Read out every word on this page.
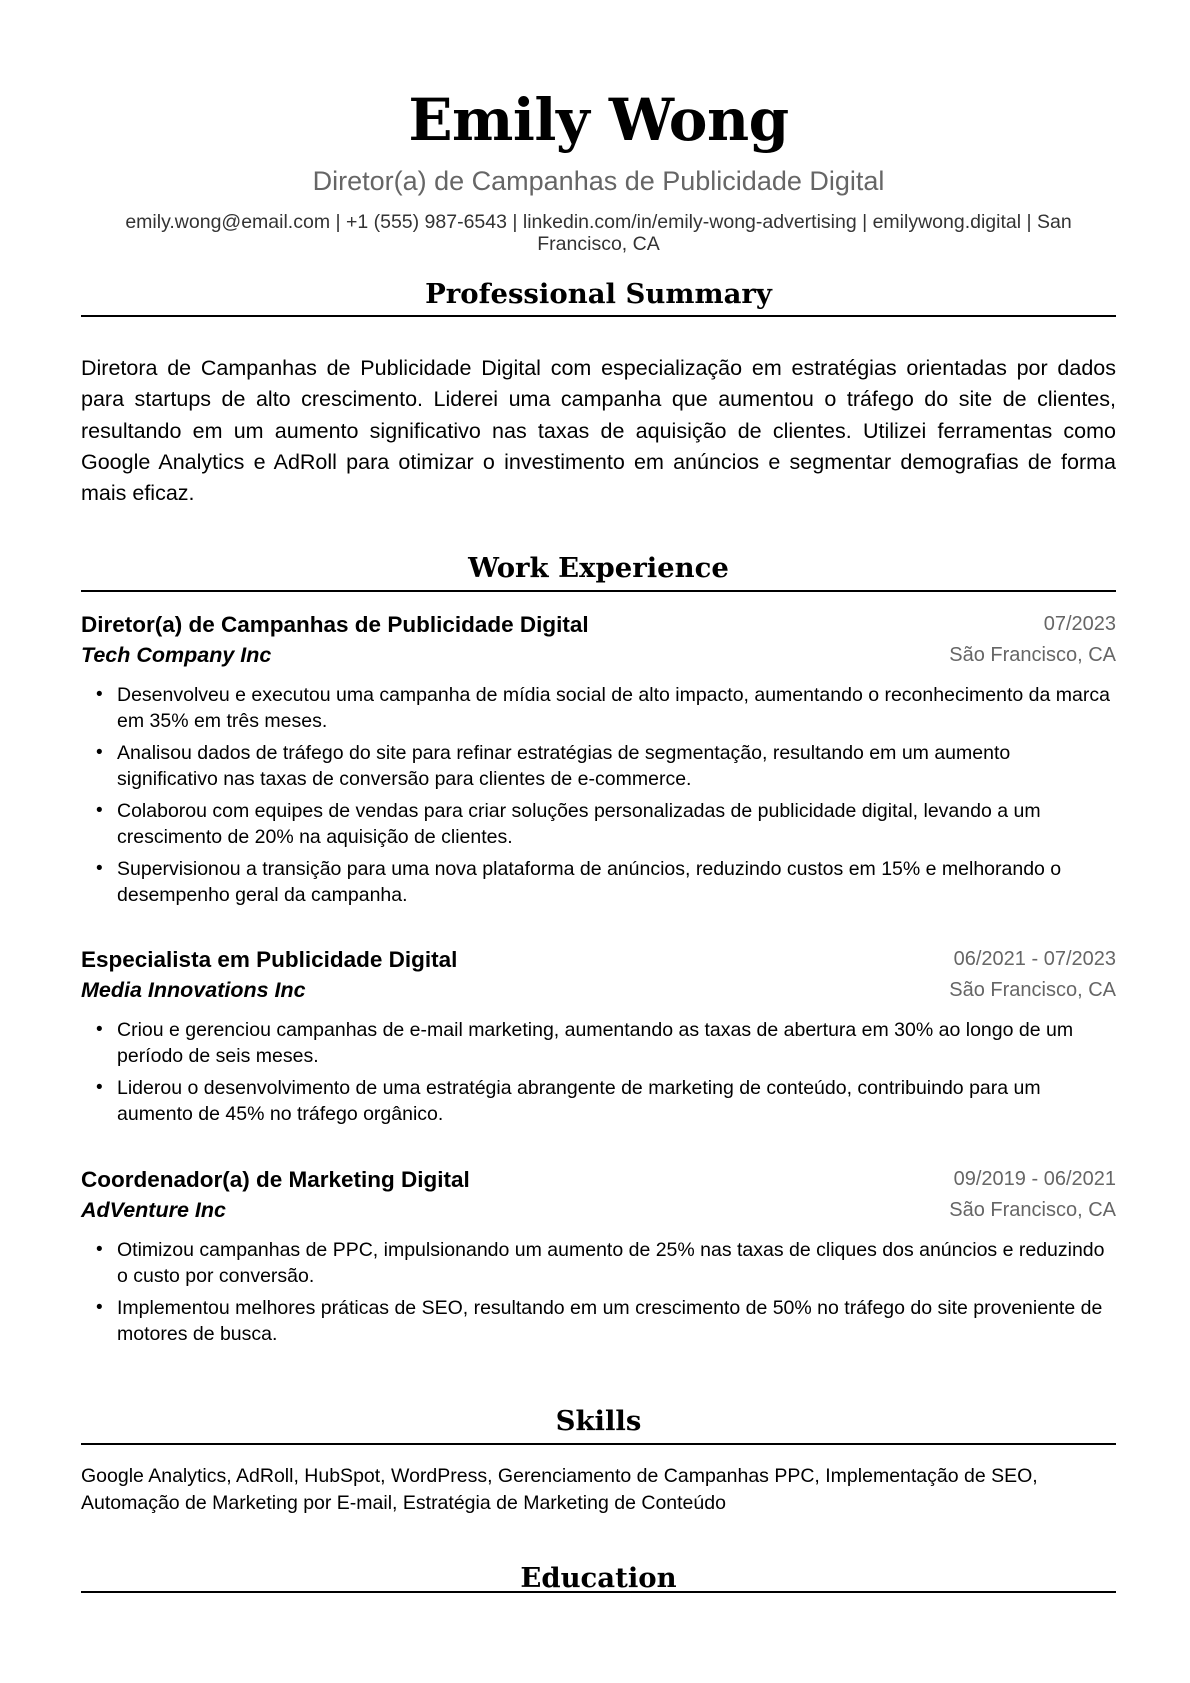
Emily Wong
Diretor(a) de Campanhas de Publicidade Digital
emily.wong@email.com | +1 (555) 987-6543 | linkedin.com/in/emily-wong-advertising | emilywong.digital | San Francisco, CA
Professional Summary

Diretora de Campanhas de Publicidade Digital com especialização em estratégias orientadas por dados para startups de alto crescimento. Liderei uma campanha que aumentou o tráfego do site de clientes, resultando em um aumento significativo nas taxas de aquisição de clientes. Utilizei ferramentas como Google Analytics e AdRoll para otimizar o investimento em anúncios e segmentar demografias de forma mais eficaz.

Work Experience
Diretor(a) de Campanhas de Publicidade Digital	07/2023
Tech Company Inc	São Francisco, CA
• Desenvolveu e executou uma campanha de mídia social de alto impacto, aumentando o reconhecimento da marca em 35% em três meses.
• Analisou dados de tráfego do site para refinar estratégias de segmentação, resultando em um aumento significativo nas taxas de conversão para clientes de e-commerce.
• Colaborou com equipes de vendas para criar soluções personalizadas de publicidade digital, levando a um crescimento de 20% na aquisição de clientes.
• Supervisionou a transição para uma nova plataforma de anúncios, reduzindo custos em 15% e melhorando o desempenho geral da campanha.
Especialista em Publicidade Digital	06/2021 - 07/2023
Media Innovations Inc	São Francisco, CA
• Criou e gerenciou campanhas de e-mail marketing, aumentando as taxas de abertura em 30% ao longo de um período de seis meses.
• Liderou o desenvolvimento de uma estratégia abrangente de marketing de conteúdo, contribuindo para um aumento de 45% no tráfego orgânico.
Coordenador(a) de Marketing Digital	09/2019 - 06/2021
AdVenture Inc	São Francisco, CA
• Otimizou campanhas de PPC, impulsionando um aumento de 25% nas taxas de cliques dos anúncios e reduzindo o custo por conversão.
• Implementou melhores práticas de SEO, resultando em um crescimento de 50% no tráfego do site proveniente de motores de busca.
Skills

Google Analytics, AdRoll, HubSpot, WordPress, Gerenciamento de Campanhas PPC, Implementação de SEO, Automação de Marketing por E-mail, Estratégia de Marketing de Conteúdo

Education
